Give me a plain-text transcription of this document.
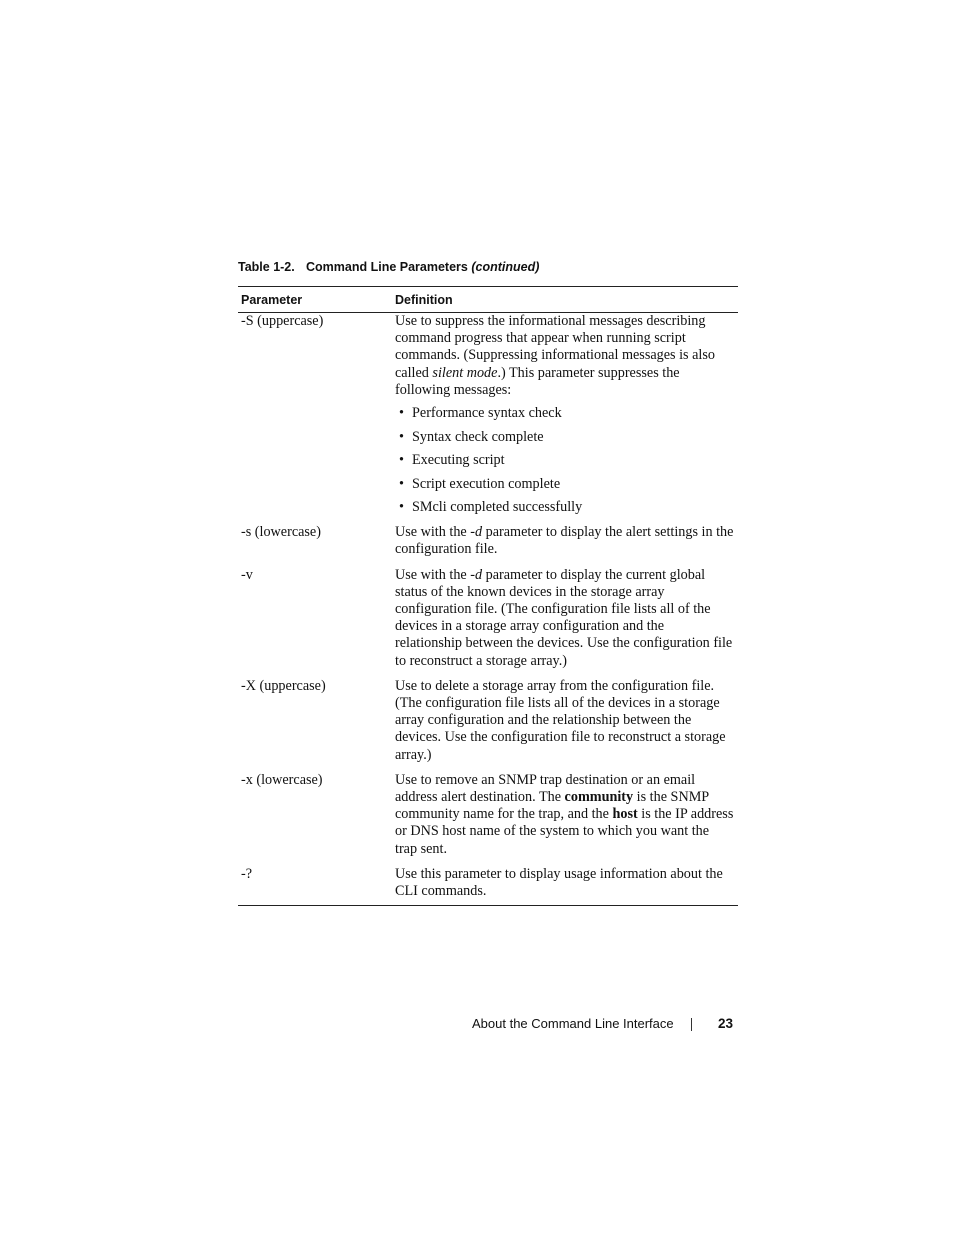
Table 1-2. Command Line Parameters (continued)
Parameter	Definition
-S (uppercase)	Use to suppress the informational messages describing command progress that appear when running script commands. (Suppressing informational messages is also called silent mode.) This parameter suppresses the following messages:
• Performance syntax check
• Syntax check complete
• Executing script
• Script execution complete
• SMcli completed successfully
-s (lowercase)	Use with the -d parameter to display the alert settings in the configuration file.
-v	Use with the -d parameter to display the current global status of the known devices in the storage array configuration file. (The configuration file lists all of the devices in a storage array configuration and the relationship between the devices. Use the configuration file to reconstruct a storage array.)
-X (uppercase)	Use to delete a storage array from the configuration file. (The configuration file lists all of the devices in a storage array configuration and the relationship between the devices. Use the configuration file to reconstruct a storage array.)
-x (lowercase)	Use to remove an SNMP trap destination or an email address alert destination. The community is the SNMP community name for the trap, and the host is the IP address or DNS host name of the system to which you want the trap sent.
-?	Use this parameter to display usage information about the CLI commands.
About the Command Line Interface	23
